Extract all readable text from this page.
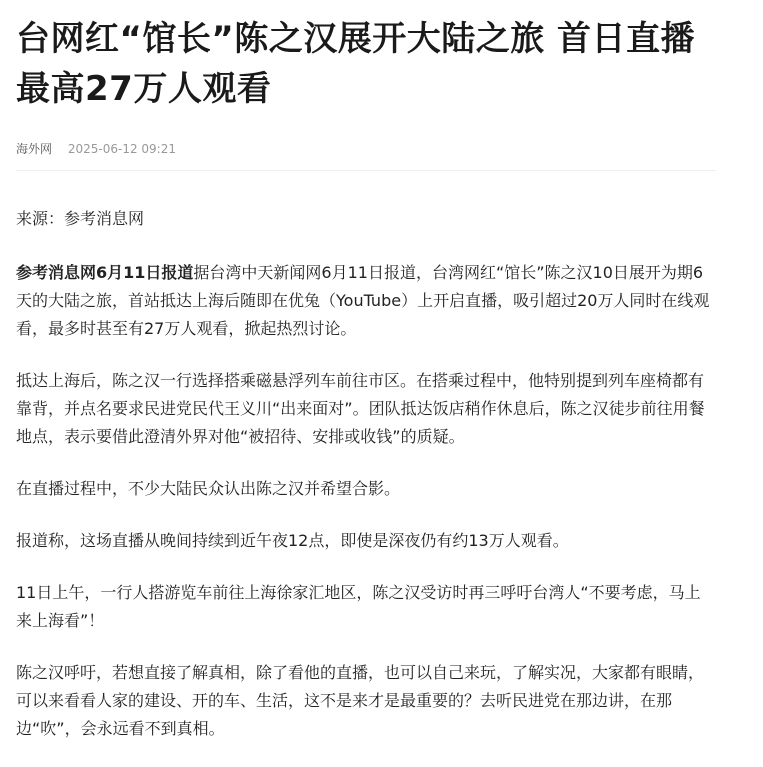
台网红“馆长”陈之汉展开大陆之旅 首日直播最高27万人观看
海外网 2025-06-12 09:21

来源：参考消息网

参考消息网6月11日报道据台湾中天新闻网6月11日报道，台湾网红“馆长”陈之汉10日展开为期6天的大陆之旅，首站抵达上海后随即在优兔（YouTube）上开启直播，吸引超过20万人同时在线观看，最多时甚至有27万人观看，掀起热烈讨论。

抵达上海后，陈之汉一行选择搭乘磁悬浮列车前往市区。在搭乘过程中，他特别提到列车座椅都有靠背，并点名要求民进党民代王义川“出来面对”。团队抵达饭店稍作休息后，陈之汉徒步前往用餐地点，表示要借此澄清外界对他“被招待、安排或收钱”的质疑。

在直播过程中，不少大陆民众认出陈之汉并希望合影。

报道称，这场直播从晚间持续到近午夜12点，即使是深夜仍有约13万人观看。

11日上午，一行人搭游览车前往上海徐家汇地区，陈之汉受访时再三呼吁台湾人“不要考虑，马上来上海看”！

陈之汉呼吁，若想直接了解真相，除了看他的直播，也可以自己来玩，了解实况，大家都有眼睛，可以来看看人家的建设、开的车、生活，这不是来才是最重要的？去听民进党在那边讲，在那边“吹”，会永远看不到真相。
